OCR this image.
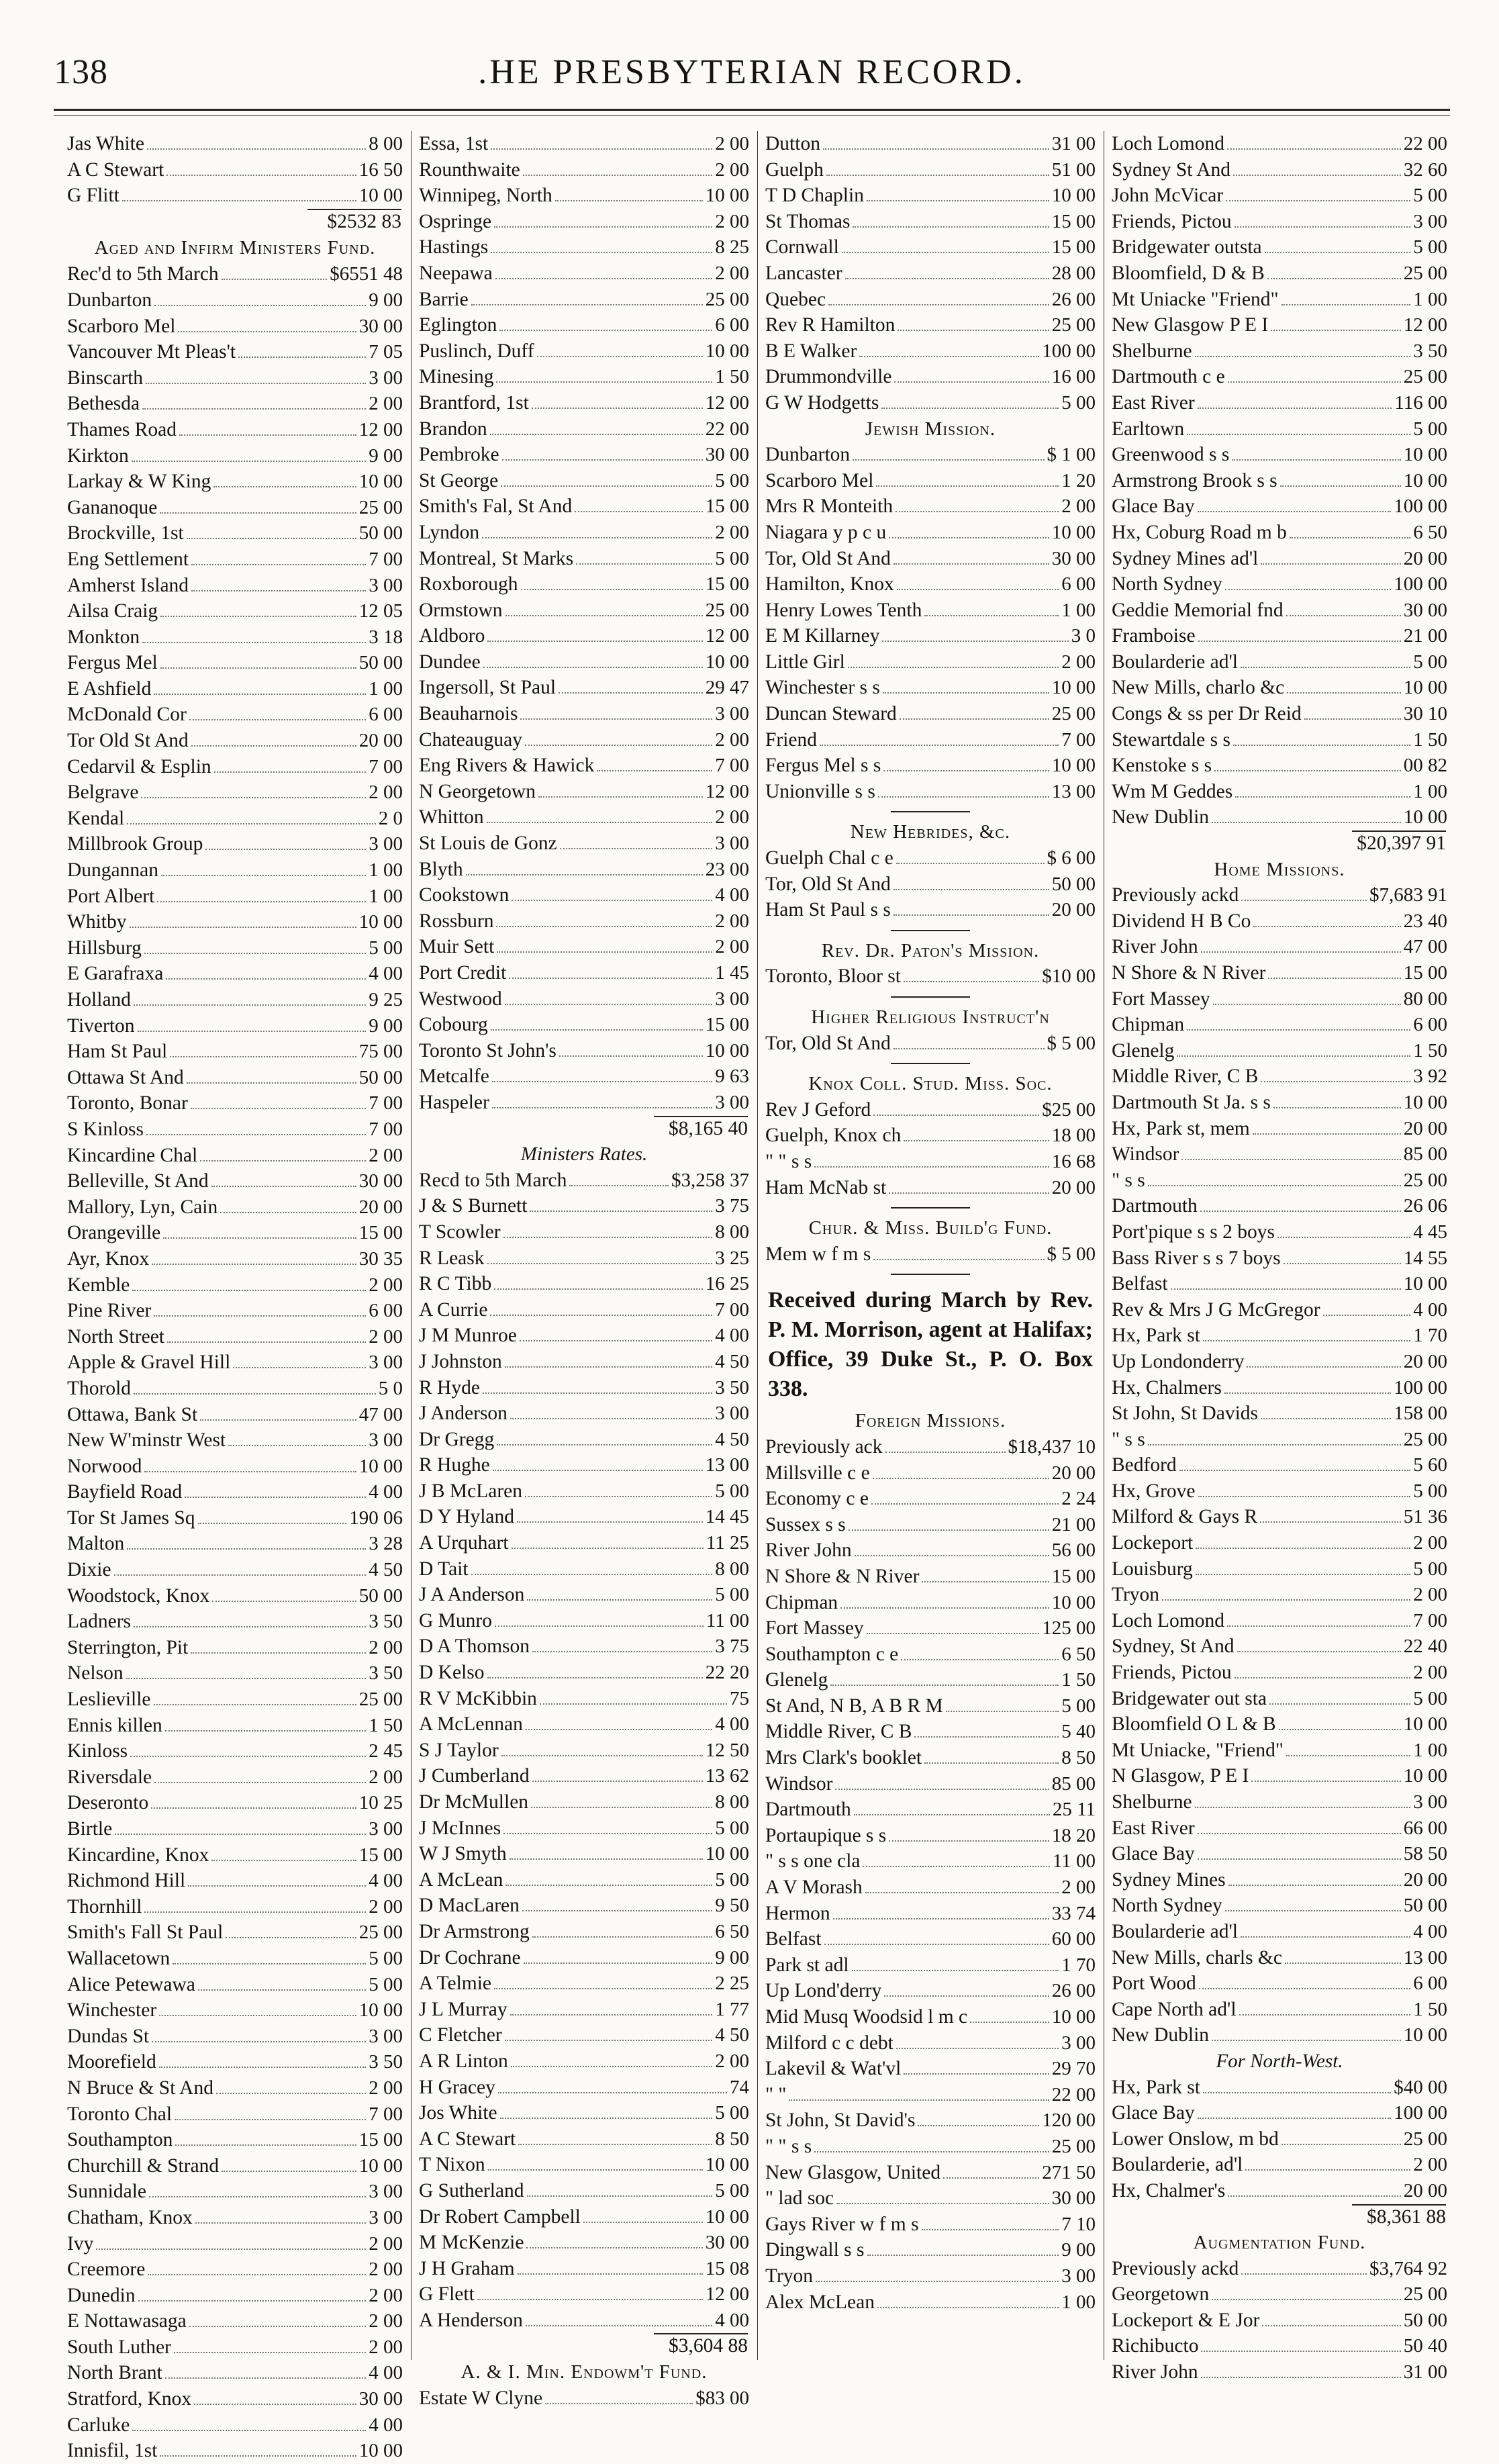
138	.HE PRESBYTERIAN RECORD.
Jas White	8 00
A C Stewart	16 50
G Flitt	10 00
$2532 83
Aged and Infirm Ministers Fund.
Rec'd to 5th March	$6551 48
Dunbarton	9 00
Scarboro Mel	30 00
Vancouver Mt Pleas't	7 05
Binscarth	3 00
Bethesda	2 00
Thames Road	12 00
Kirkton	9 00
Larkay & W King	10 00
Gananoque	25 00
Brockville, 1st	50 00
Eng Settlement	7 00
Amherst Island	3 00
Ailsa Craig	12 05
Monkton	3 18
Fergus Mel	50 00
E Ashfield	1 00
McDonald Cor	6 00
Tor Old St And	20 00
Cedarvil & Esplin	7 00
Belgrave	2 00
Kendal	2 0
Millbrook Group	3 00
Dungannan	1 00
Port Albert	1 00
Whitby	10 00
Hillsburg	5 00
E Garafraxa	4 00
Holland	9 25
Tiverton	9 00
Ham St Paul	75 00
Ottawa St And	50 00
Toronto, Bonar	7 00
S Kinloss	7 00
Kincardine Chal	2 00
Belleville, St And	30 00
Mallory, Lyn, Cain	20 00
Orangeville	15 00
Ayr, Knox	30 35
Kemble	2 00
Pine River	6 00
North Street	2 00
Apple & Gravel Hill	3 00
Thorold	5 0
Ottawa, Bank St	47 00
New W'minstr West	3 00
Norwood	10 00
Bayfield Road	4 00
Tor St James Sq	190 06
Malton	3 28
Dixie	4 50
Woodstock, Knox	50 00
Ladners	3 50
Sterrington, Pit	2 00
Nelson	3 50
Leslieville	25 00
Ennis killen	1 50
Kinloss	2 45
Riversdale	2 00
Deseronto	10 25
Birtle	3 00
Kincardine, Knox	15 00
Richmond Hill	4 00
Thornhill	2 00
Smith's Fall St Paul	25 00
Wallacetown	5 00
Alice Petewawa	5 00
Winchester	10 00
Dundas St	3 00
Moorefield	3 50
N Bruce & St And	2 00
Toronto Chal	7 00
Southampton	15 00
Churchill & Strand	10 00
Sunnidale	3 00
Chatham, Knox	3 00
Ivy	2 00
Creemore	2 00
Dunedin	2 00
E Nottawasaga	2 00
South Luther	2 00
North Brant	4 00
Stratford, Knox	30 00
Carluke	4 00
Innisfil, 1st	10 00
Essa, 1st	2 00
Rounthwaite	2 00
Winnipeg, North	10 00
Ospringe	2 00
Hastings	8 25
Neepawa	2 00
Barrie	25 00
Eglington	6 00
Puslinch, Duff	10 00
Minesing	1 50
Brantford, 1st	12 00
Brandon	22 00
Pembroke	30 00
St George	5 00
Smith's Fal, St And	15 00
Lyndon	2 00
Montreal, St Marks	5 00
Roxborough	15 00
Ormstown	25 00
Aldboro	12 00
Dundee	10 00
Ingersoll, St Paul	29 47
Beauharnois	3 00
Chateauguay	2 00
Eng Rivers & Hawick	7 00
N Georgetown	12 00
Whitton	2 00
St Louis de Gonz	3 00
Blyth	23 00
Cookstown	4 00
Rossburn	2 00
Muir Sett	2 00
Port Credit	1 45
Westwood	3 00
Cobourg	15 00
Toronto St John's	10 00
Metcalfe	9 63
Haspeler	3 00
$8,165 40
Ministers Rates.
Recd to 5th March	$3,258 37
J & S Burnett	3 75
T Scowler	8 00
R Leask	3 25
R C Tibb	16 25
A Currie	7 00
J M Munroe	4 00
J Johnston	4 50
R Hyde	3 50
J Anderson	3 00
Dr Gregg	4 50
R Hughe	13 00
J B McLaren	5 00
D Y Hyland	14 45
A Urquhart	11 25
D Tait	8 00
J A Anderson	5 00
G Munro	11 00
D A Thomson	3 75
D Kelso	22 20
R V McKibbin	75
A McLennan	4 00
S J Taylor	12 50
J Cumberland	13 62
Dr McMullen	8 00
J McInnes	5 00
W J Smyth	10 00
A McLean	5 00
D MacLaren	9 50
Dr Armstrong	6 50
Dr Cochrane	9 00
A Telmie	2 25
J L Murray	1 77
C Fletcher	4 50
A R Linton	2 00
H Gracey	74
Jos White	5 00
A C Stewart	8 50
T Nixon	10 00
G Sutherland	5 00
Dr Robert Campbell	10 00
M McKenzie	30 00
J H Graham	15 08
G Flett	12 00
A Henderson	4 00
$3,604 88
A. & I. Min. Endowm't Fund.
Estate W Clyne	$83 00
Dutton	31 00
Guelph	51 00
T D Chaplin	10 00
St Thomas	15 00
Cornwall	15 00
Lancaster	28 00
Quebec	26 00
Rev R Hamilton	25 00
B E Walker	100 00
Drummondville	16 00
G W Hodgetts	5 00
Jewish Mission.
Dunbarton	$ 1 00
Scarboro Mel	1 20
Mrs R Monteith	2 00
Niagara y p c u	10 00
Tor, Old St And	30 00
Hamilton, Knox	6 00
Henry Lowes Tenth	1 00
E M Killarney	3 0
Little Girl	2 00
Winchester s s	10 00
Duncan Steward	25 00
Friend	7 00
Fergus Mel s s	10 00
Unionville s s	13 00
New Hebrides, &c.
Guelph Chal c e	$ 6 00
Tor, Old St And	50 00
Ham St Paul s s	20 00
Rev. Dr. Paton's Mission.
Toronto, Bloor st	$10 00
Higher Religious Instruct'n
Tor, Old St And	$ 5 00
Knox Coll. Stud. Miss. Soc.
Rev J Geford	$25 00
Guelph, Knox ch	18 00
" " s s	16 68
Ham McNab st	20 00
Chur. & Miss. Build'g Fund.
Mem w f m s	$ 5 00
Received during March by Rev. P. M. Morrison, agent at Halifax; Office, 39 Duke St., P. O. Box 338.
Foreign Missions.
Previously ack	$18,437 10
Millsville c e	20 00
Economy c e	2 24
Sussex s s	21 00
River John	56 00
N Shore & N River	15 00
Chipman	10 00
Fort Massey	125 00
Southampton c e	6 50
Glenelg	1 50
St And, N B, A B R M	5 00
Middle River, C B	5 40
Mrs Clark's booklet	8 50
Windsor	85 00
Dartmouth	25 11
Portaupique s s	18 20
" s s one cla	11 00
A V Morash	2 00
Hermon	33 74
Belfast	60 00
Park st adl	1 70
Up Lond'derry	26 00
Mid Musq Woodsid l m c	10 00
Milford c c debt	3 00
Lakevil & Wat'vl	29 70
" "	22 00
St John, St David's	120 00
" " s s	25 00
New Glasgow, United	271 50
" lad soc	30 00
Gays River w f m s	7 10
Dingwall s s	9 00
Tryon	3 00
Alex McLean	1 00
Loch Lomond	22 00
Sydney St And	32 60
John McVicar	5 00
Friends, Pictou	3 00
Bridgewater outsta	5 00
Bloomfield, D & B	25 00
Mt Uniacke "Friend"	1 00
New Glasgow P E I	12 00
Shelburne	3 50
Dartmouth c e	25 00
East River	116 00
Earltown	5 00
Greenwood s s	10 00
Armstrong Brook s s	10 00
Glace Bay	100 00
Hx, Coburg Road m b	6 50
Sydney Mines ad'l	20 00
North Sydney	100 00
Geddie Memorial fnd	30 00
Framboise	21 00
Boularderie ad'l	5 00
New Mills, charlo &c	10 00
Congs & ss per Dr Reid	30 10
Stewartdale s s	1 50
Kenstoke s s	00 82
Wm M Geddes	1 00
New Dublin	10 00
$20,397 91
Home Missions.
Previously ackd	$7,683 91
Dividend H B Co	23 40
River John	47 00
N Shore & N River	15 00
Fort Massey	80 00
Chipman	6 00
Glenelg	1 50
Middle River, C B	3 92
Dartmouth St Ja. s s	10 00
Hx, Park st, mem	20 00
Windsor	85 00
" s s	25 00
Dartmouth	26 06
Port'pique s s 2 boys	4 45
Bass River s s 7 boys	14 55
Belfast	10 00
Rev & Mrs J G McGregor	4 00
Hx, Park st	1 70
Up Londonderry	20 00
Hx, Chalmers	100 00
St John, St Davids	158 00
" s s	25 00
Bedford	5 60
Hx, Grove	5 00
Milford & Gays R	51 36
Lockeport	2 00
Louisburg	5 00
Tryon	2 00
Loch Lomond	7 00
Sydney, St And	22 40
Friends, Pictou	2 00
Bridgewater out sta	5 00
Bloomfield O L & B	10 00
Mt Uniacke, "Friend"	1 00
N Glasgow, P E I	10 00
Shelburne	3 00
East River	66 00
Glace Bay	58 50
Sydney Mines	20 00
North Sydney	50 00
Boularderie ad'l	4 00
New Mills, charls &c	13 00
Port Wood	6 00
Cape North ad'l	1 50
New Dublin	10 00
For North-West.
Hx, Park st	$40 00
Glace Bay	100 00
Lower Onslow, m bd	25 00
Boularderie, ad'l	2 00
Hx, Chalmer's	20 00
$8,361 88
Augmentation Fund.
Previously ackd	$3,764 92
Georgetown	25 00
Lockeport & E Jor	50 00
Richibucto	50 40
River John	31 00
